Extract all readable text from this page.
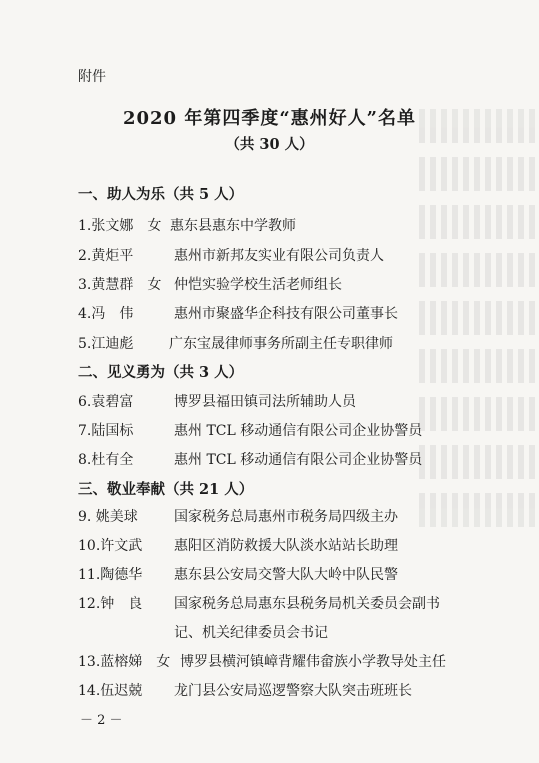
附件
2020 年第四季度“惠州好人”名单
（共 30 人）
一、助人为乐（共 5 人）
1.张文娜　女 惠东县惠东中学教师
2.黄炬平	惠州市新邦友实业有限公司负责人
3.黄慧群　女 仲恺实验学校生活老师组长
4.冯　伟	惠州市聚盛华企科技有限公司董事长
5.江迪彪	广东宝晟律师事务所副主任专职律师
二、见义勇为（共 3 人）
6.袁碧富	博罗县福田镇司法所辅助人员
7.陆国标	惠州 TCL 移动通信有限公司企业协警员
8.杜有全	惠州 TCL 移动通信有限公司企业协警员
三、敬业奉献（共 21 人）
9. 姚美球	国家税务总局惠州市税务局四级主办
10.许文武 惠阳区消防救援大队淡水站站长助理
11.陶德华 惠东县公安局交警大队大岭中队民警
12.钟　良 国家税务总局惠东县税务局机关委员会副书
记、机关纪律委员会书记
13.蓝榕娣　女 博罗县横河镇嶂背耀伟畲族小学教导处主任
14.伍迟兢 龙门县公安局巡逻警察大队突击班班长
－ 2 －
